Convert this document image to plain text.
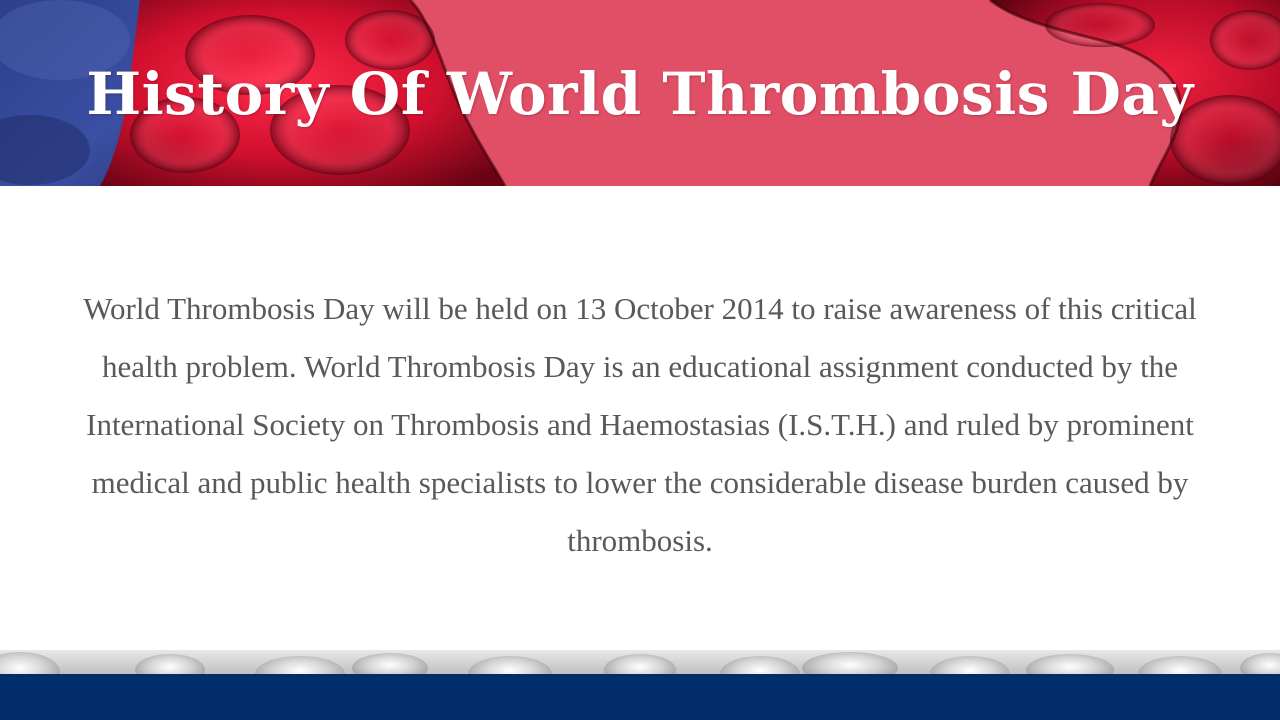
History Of World Thrombosis Day

World Thrombosis Day will be held on 13 October 2014 to raise awareness of this critical health problem. World Thrombosis Day is an educational assignment conducted by the International Society on Thrombosis and Haemostasias (I.S.T.H.) and ruled by prominent medical and public health specialists to lower the considerable disease burden caused by thrombosis.
